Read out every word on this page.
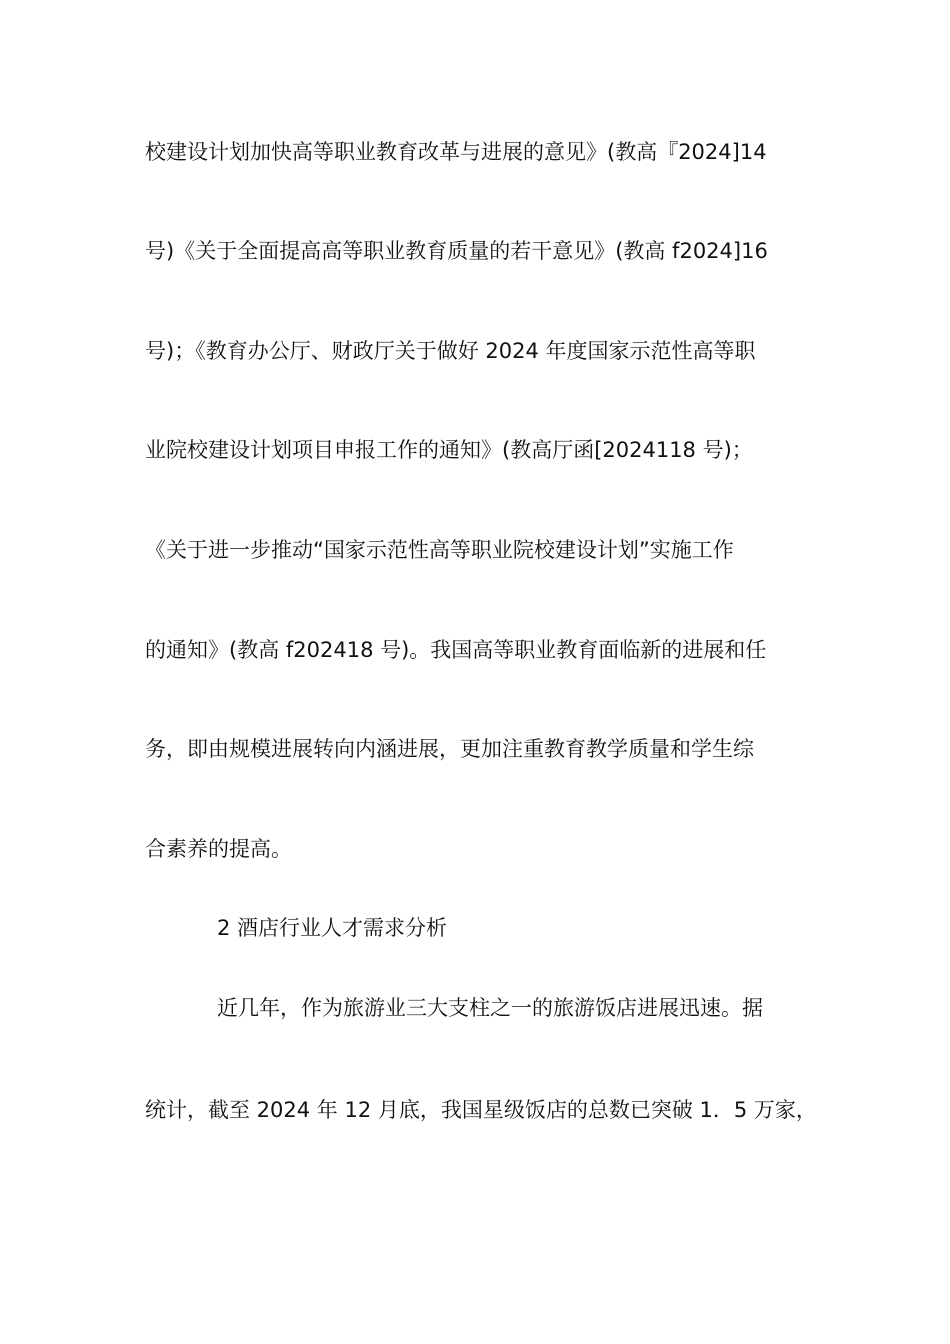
校建设计划加快高等职业教育改革与进展的意见》(教高『2024]14
号)《关于全面提高高等职业教育质量的若干意见》(教高 f2024]16
号)；《教育办公厅、财政厅关于做好 2024 年度国家示范性高等职
业院校建设计划项目申报工作的通知》(教高厅函[2024118 号)；
《关于进一步推动“国家示范性高等职业院校建设计划”实施工作
的通知》(教高 f202418 号)。我国高等职业教育面临新的进展和任
务，即由规模进展转向内涵进展，更加注重教育教学质量和学生综
合素养的提高。
2 酒店行业人才需求分析
近几年，作为旅游业三大支柱之一的旅游饭店进展迅速。据
统计，截至 2024 年 12 月底，我国星级饭店的总数已突破 1．5 万家，
